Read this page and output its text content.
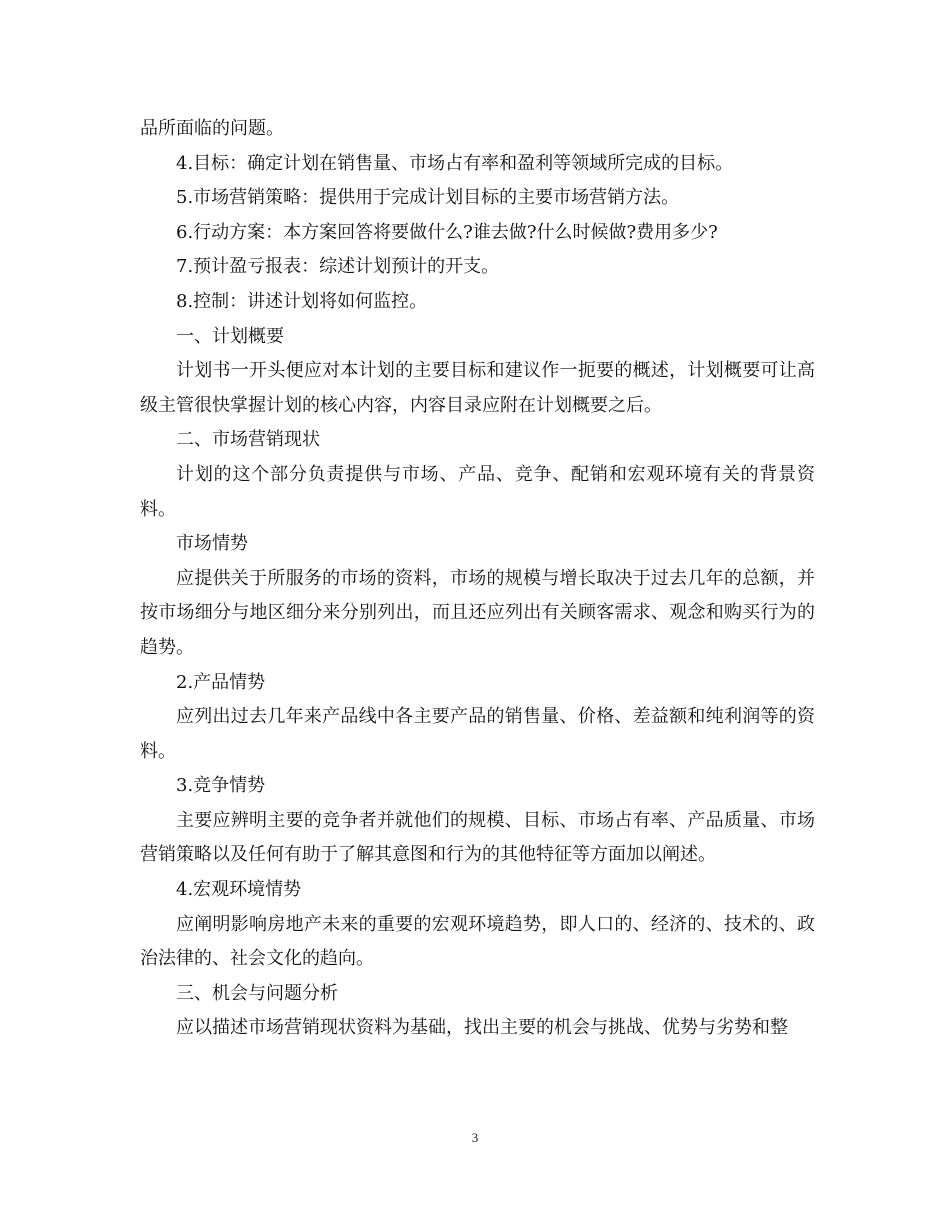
品所面临的问题。

4.目标：确定计划在销售量、市场占有率和盈利等领域所完成的目标。

5.市场营销策略：提供用于完成计划目标的主要市场营销方法。

6.行动方案：本方案回答将要做什么?谁去做?什么时候做?费用多少?

7.预计盈亏报表：综述计划预计的开支。

8.控制：讲述计划将如何监控。

一、计划概要

计划书一开头便应对本计划的主要目标和建议作一扼要的概述，计划概要可让高级主管很快掌握计划的核心内容，内容目录应附在计划概要之后。

二、市场营销现状

计划的这个部分负责提供与市场、产品、竞争、配销和宏观环境有关的背景资料。

市场情势

应提供关于所服务的市场的资料，市场的规模与增长取决于过去几年的总额，并按市场细分与地区细分来分别列出，而且还应列出有关顾客需求、观念和购买行为的趋势。

2.产品情势

应列出过去几年来产品线中各主要产品的销售量、价格、差益额和纯利润等的资料。

3.竞争情势

主要应辨明主要的竞争者并就他们的规模、目标、市场占有率、产品质量、市场营销策略以及任何有助于了解其意图和行为的其他特征等方面加以阐述。

4.宏观环境情势

应阐明影响房地产未来的重要的宏观环境趋势，即人口的、经济的、技术的、政治法律的、社会文化的趋向。

三、机会与问题分析

应以描述市场营销现状资料为基础，找出主要的机会与挑战、优势与劣势和整

3
